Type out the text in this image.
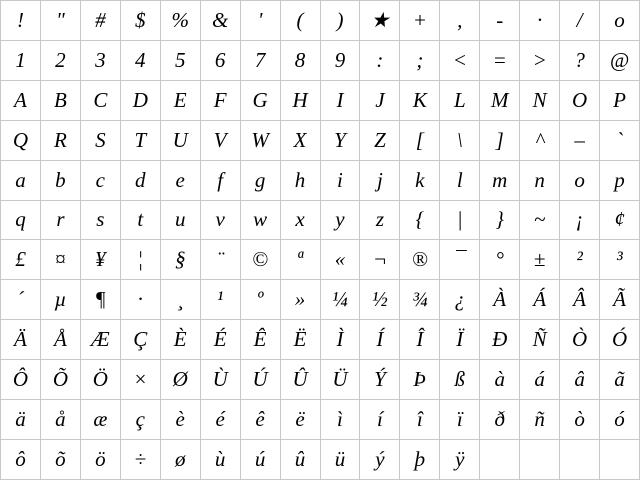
!	"	#	$	%	&	'	(	)	★	+	,	-	·	/	o
1	2	3	4	5	6	7	8	9	:	;	<	=	>	?	@
A	B	C	D	E	F	G	H	I	J	K	L	M	N	O	P
Q	R	S	T	U	V	W	X	Y	Z	[	\	]	^	–	`
a	b	c	d	e	f	g	h	i	j	k	l	m	n	o	p
q	r	s	t	u	v	w	x	y	z	{	|	}	~	¡	¢
£	¤	¥	¦	§	¨	©	ª	«	¬	®	¯	°	±	²	³
´	µ	¶	·	¸	¹	º	»	¼	½	¾	¿	À	Á	Â	Ã
Ä	Å	Æ	Ç	È	É	Ê	Ë	Ì	Í	Î	Ï	Ð	Ñ	Ò	Ó
Ô	Õ	Ö	×	Ø	Ù	Ú	Û	Ü	Ý	Þ	ß	à	á	â	ã
ä	å	æ	ç	è	é	ê	ë	ì	í	î	ï	ð	ñ	ò	ó
ô	õ	ö	÷	ø	ù	ú	û	ü	ý	þ	ÿ				
